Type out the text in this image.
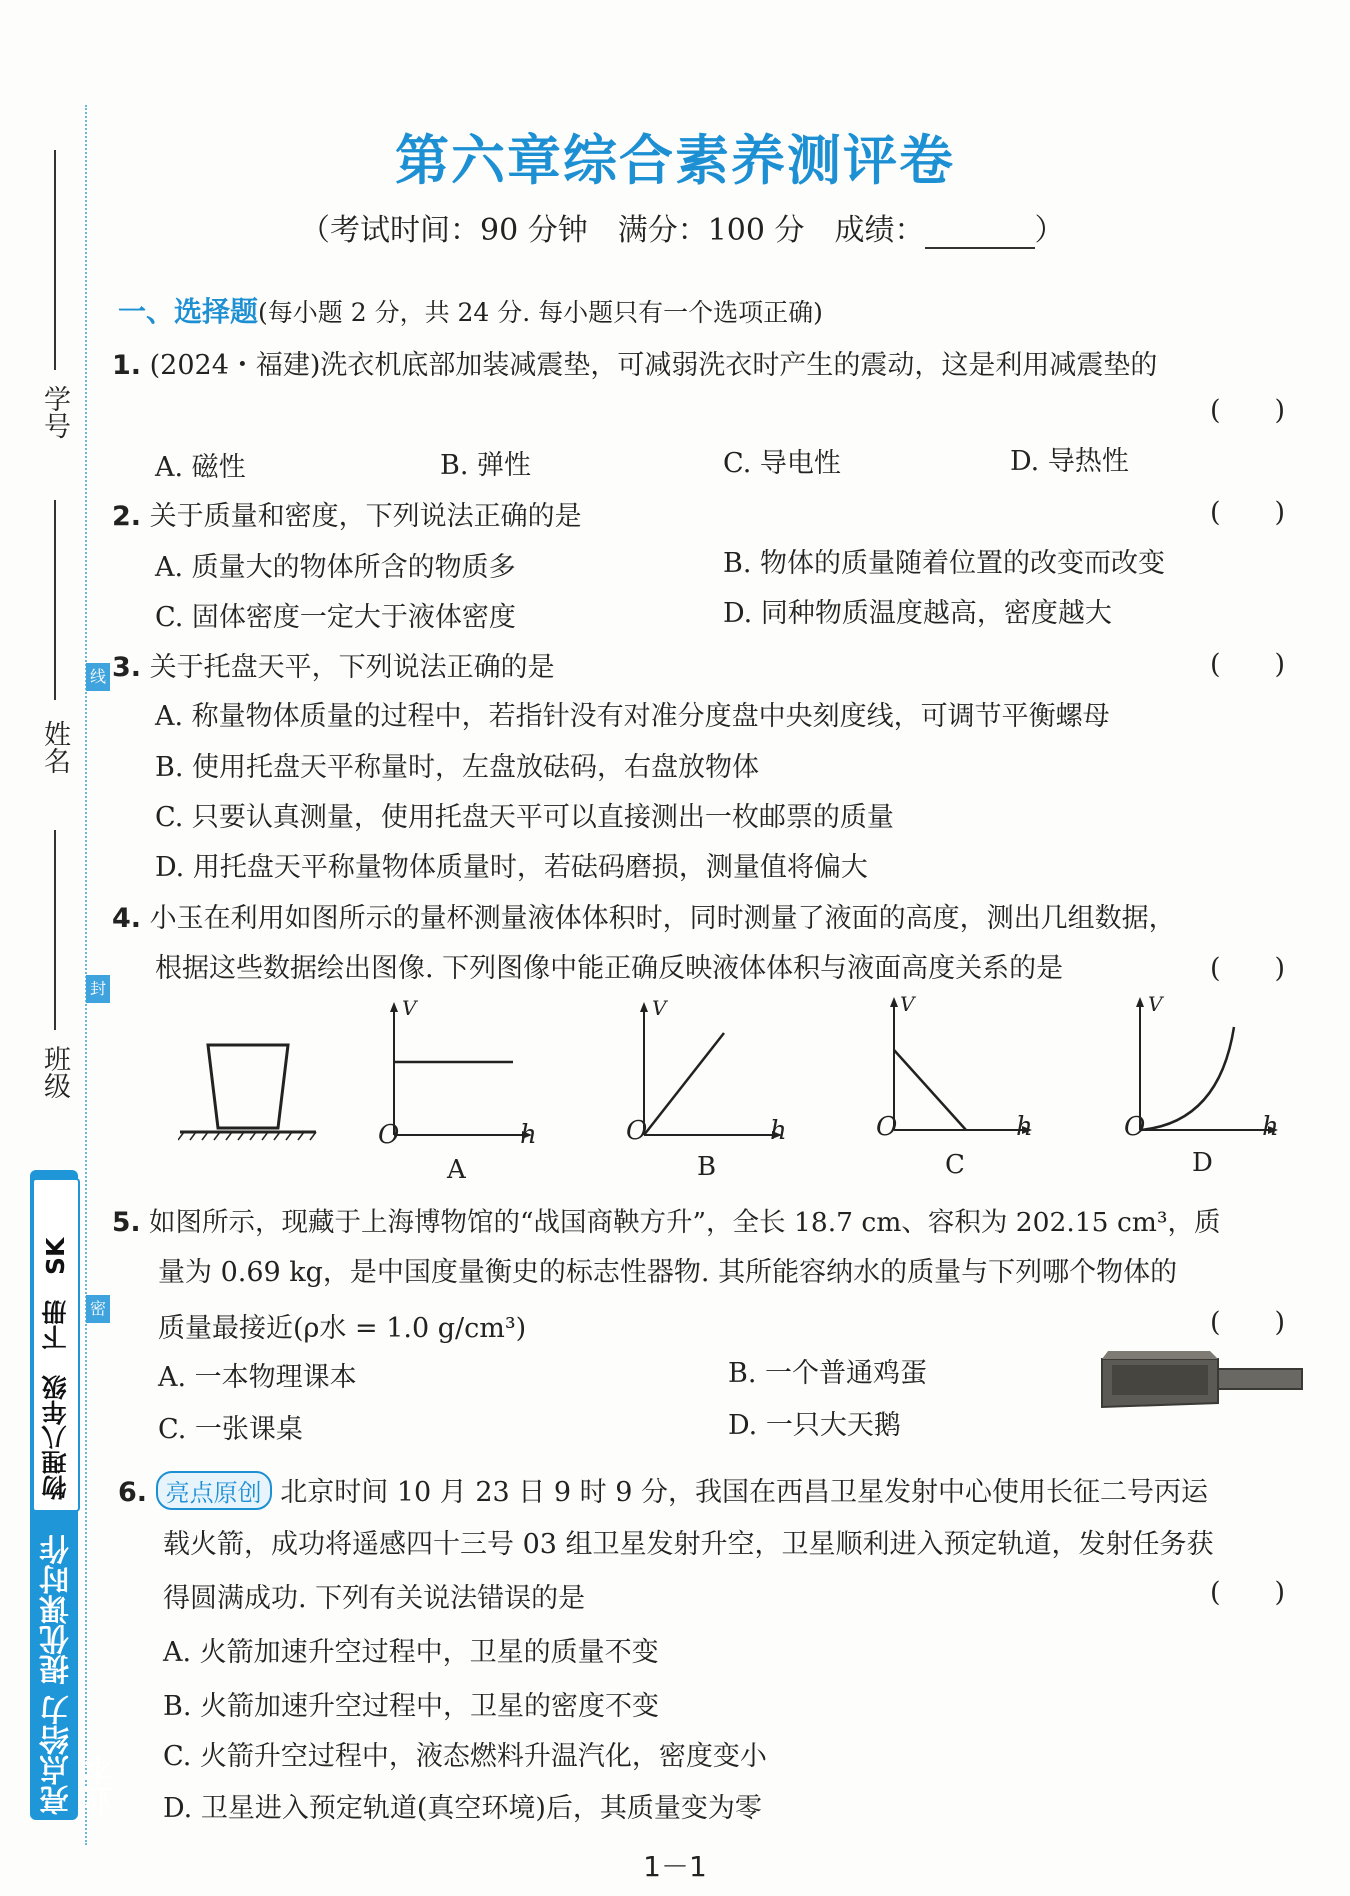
学号
姓名
班级
线
封
密
物理八年级　下册　SK
亮点给力 提优课时作业本
第六章综合素养测评卷
（考试时间：90 分钟　满分：100 分　成绩：	）
一、选择题(每小题 2 分，共 24 分. 每小题只有一个选项正确)
1. (2024・福建)洗衣机底部加装减震垫，可减弱洗衣时产生的震动，这是利用减震垫的
(　　)
A. 磁性	B. 弹性	C. 导电性	D. 导热性
2. 关于质量和密度，下列说法正确的是	(　　)
A. 质量大的物体所含的物质多	B. 物体的质量随着位置的改变而改变
C. 固体密度一定大于液体密度	D. 同种物质温度越高，密度越大
3. 关于托盘天平，下列说法正确的是	(　　)
A. 称量物体质量的过程中，若指针没有对准分度盘中央刻度线，可调节平衡螺母
B. 使用托盘天平称量时，左盘放砝码，右盘放物体
C. 只要认真测量，使用托盘天平可以直接测出一枚邮票的质量
D. 用托盘天平称量物体质量时，若砝码磨损，测量值将偏大
4. 小玉在利用如图所示的量杯测量液体体积时，同时测量了液面的高度，测出几组数据，
根据这些数据绘出图像. 下列图像中能正确反映液体体积与液面高度关系的是	(　　)
V
O	h
A
V
O	h
B
V
O	h
C
V
O	h
D
5. 如图所示，现藏于上海博物馆的“战国商鞅方升”，全长 18.7 cm、容积为 202.15 cm³，质
量为 0.69 kg，是中国度量衡史的标志性器物. 其所能容纳水的质量与下列哪个物体的
质量最接近(ρ水 = 1.0 g/cm³)	(　　)
A. 一本物理课本	B. 一个普通鸡蛋
C. 一张课桌	D. 一只大天鹅
6. 亮点原创 北京时间 10 月 23 日 9 时 9 分，我国在西昌卫星发射中心使用长征二号丙运
载火箭，成功将遥感四十三号 03 组卫星发射升空，卫星顺利进入预定轨道，发射任务获
得圆满成功. 下列有关说法错误的是	(　　)
A. 火箭加速升空过程中，卫星的质量不变
B. 火箭加速升空过程中，卫星的密度不变
C. 火箭升空过程中，液态燃料升温汽化，密度变小
D. 卫星进入预定轨道(真空环境)后，其质量变为零
1－1
